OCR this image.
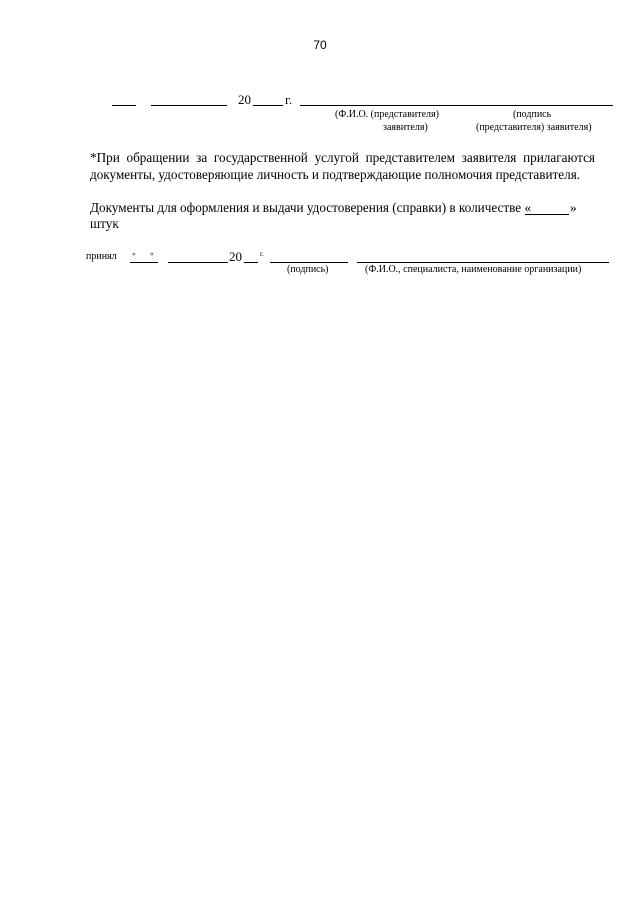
70
20	г.
(Ф.И.О. (представителя)
заявителя)
(подпись
(представителя) заявителя)
*При обращении за государственной услугой представителем заявителя прилагаются документы, удостоверяющие личность и подтверждающие полномочия представителя.
Документы для оформления и выдачи удостоверения (справки) в количестве «	»
штук
принял « »	20	г.
(подпись)	(Ф.И.О., специалиста, наименование организации)
